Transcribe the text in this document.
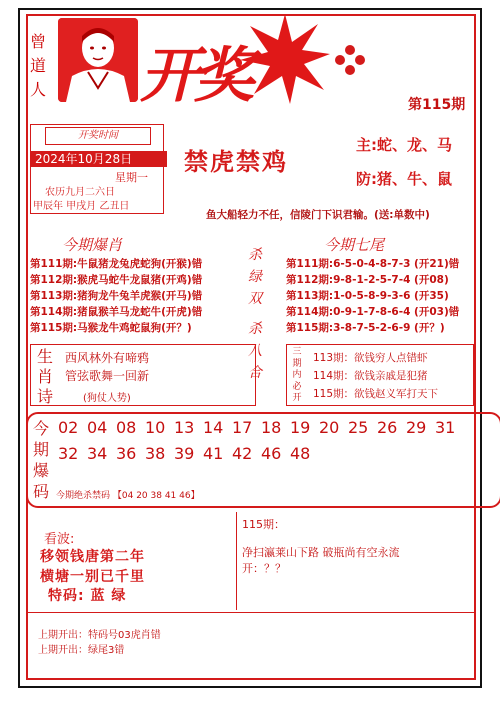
曾
道
人 开奖	第115期
开奖时间
2024年10月28日
星期一
农历九月二六日
甲辰年 甲戌月 乙丑日
禁虎禁鸡
主:蛇、龙、马
防:猪、牛、鼠
鱼大船轻力不任，信陵门下识君输。(送:单数中)
今期爆肖
第111期:牛鼠猪龙兔虎蛇狗(开猴)错
第112期:猴虎马蛇牛龙鼠猪(开鸡)错
第113期:猪狗龙牛兔羊虎猴(开马)错
第114期:猪鼠猴羊马龙蛇牛(开虎)错
第115期:马猴龙牛鸡蛇鼠狗(开？)
杀
绿
双
杀
八
合
今期七尾
第111期:6-5-0-4-8-7-3 (开21)错
第112期:9-8-1-2-5-7-4 (开08)
第113期:1-0-5-8-9-3-6 (开35)
第114期:0-9-1-7-8-6-4 (开03)错
第115期:3-8-7-5-2-6-9 (开？)
生
肖
诗
西风林外有啼鸦
管弦歌舞一回新
(狗仗人势)
三
期
内
必
开
113期：欲钱穷人点错虾
114期：欲钱亲戚是犯猪
115期：欲钱赵义军打天下
今
期
爆
码
02 04 08 10 13 14 17 18 19 20 25 26 29 31
32 34 36 38 39 41 42 46 48
今期绝杀禁码 【04 20 38 41 46】
看波:
移领钱唐第二年
横塘一别已千里
特码: 蓝 绿
115期：
净扫瀛莱山下路 破瓶尚有空永流
开：？？
上期开出：特码号03虎肖错
上期开出：绿尾3错
